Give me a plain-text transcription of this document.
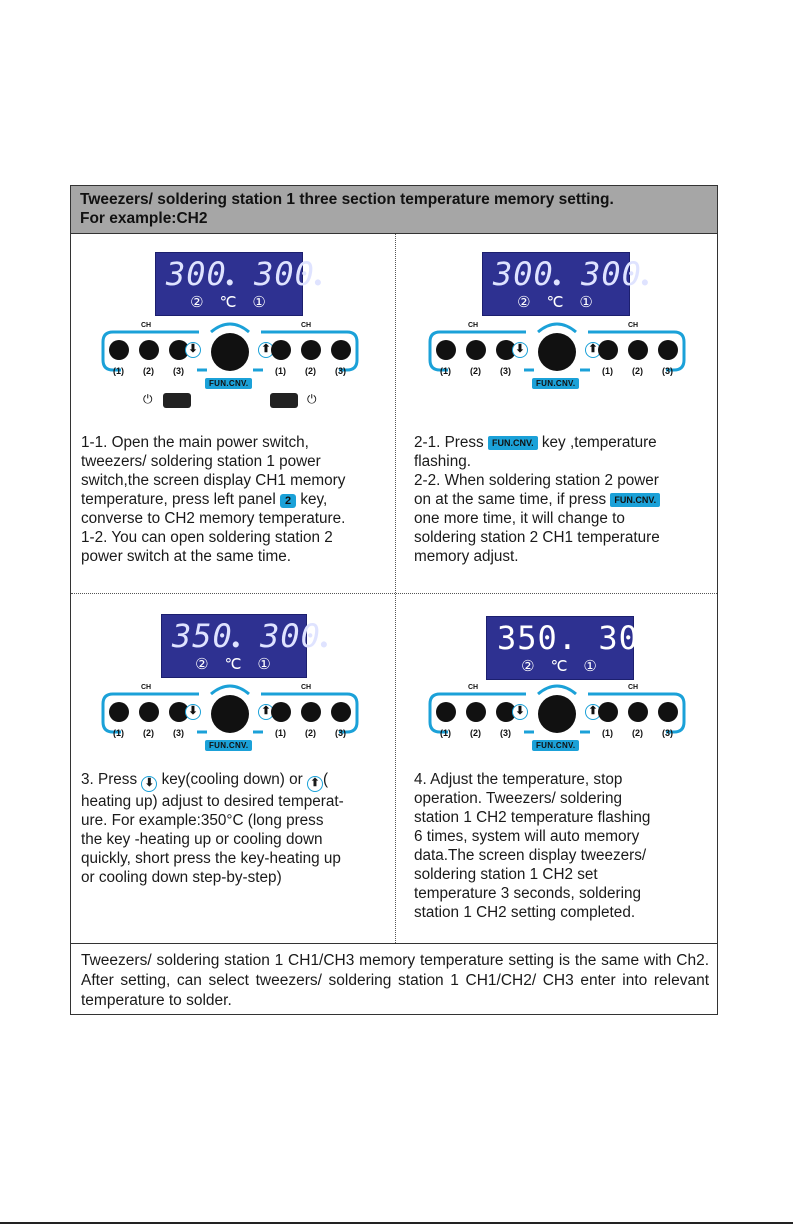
Tweezers/ soldering station 1 three section temperature memory setting.
For example:CH2
300● 300●
② ℃ ①
CH	CH
⬇	⬆
(1) (2) (3)	(1) (2) (3)
FUN.CNV.
⏻	⏻
1-1. Open the main power switch,
tweezers/ soldering station 1 power
switch,the screen display CH1 memory
temperature, press left panel 2 key,
converse to CH2 memory temperature.
1-2. You can open soldering station 2
power switch at the same time.
300● 300●
② ℃ ①
CH	CH
⬇	⬆
(1) (2) (3)	(1) (2) (3)
FUN.CNV.
2-1. Press FUN.CNV. key ,temperature
flashing.
2-2. When soldering station 2 power
on at the same time, if press FUN.CNV.
one more time, it will change to
soldering station 2 CH1 temperature
memory adjust.
350● 300●
② ℃ ①
CH	CH
⬇	⬆
(1) (2) (3)	(1) (2) (3)
FUN.CNV.
3. Press ⬇ key(cooling down) or ⬆ (
heating up) adjust to desired temperat-
ure. For example:350°C (long press
the key -heating up or cooling down
quickly, short press the key-heating up
or cooling down step-by-step)
350. 300.
② ℃ ①
CH	CH
⬇	⬆
(1) (2) (3)	(1) (2) (3)
FUN.CNV.
4. Adjust the temperature, stop
operation. Tweezers/ soldering
station 1 CH2 temperature flashing
6 times, system will auto memory
data.The screen display tweezers/
soldering station 1 CH2 set
temperature 3 seconds, soldering
station 1 CH2 setting completed.
Tweezers/ soldering station 1 CH1/CH3 memory temperature setting is the same with Ch2. After setting, can select tweezers/ soldering station 1 CH1/CH2/ CH3 enter into relevant temperature to solder.
